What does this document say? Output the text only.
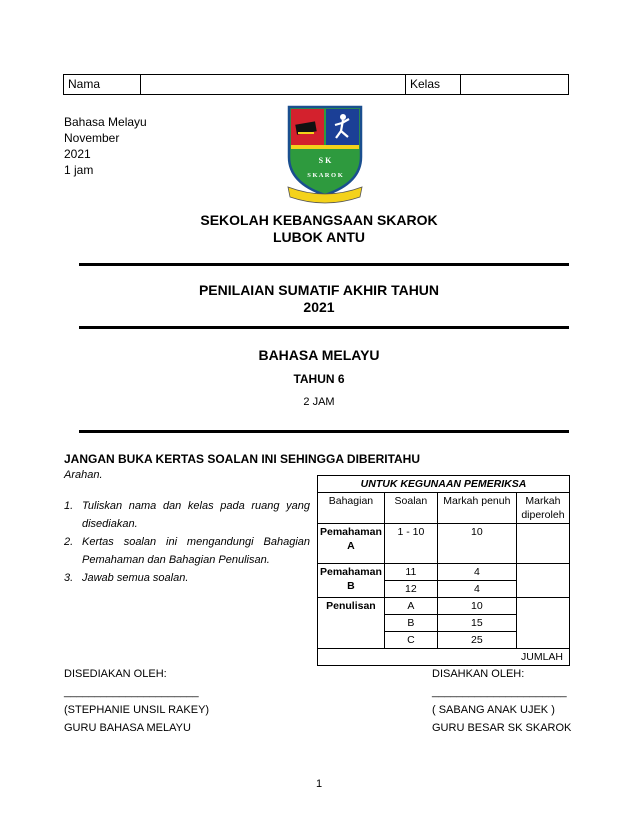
Nama	Kelas
Bahasa Melayu
November
2021
1 jam
S K
S K A R O K
SEKOLAH KEBANGSAAN SKAROK
LUBOK ANTU
PENILAIAN SUMATIF AKHIR TAHUN
2021
BAHASA MELAYU
TAHUN 6
2 JAM
JANGAN BUKA KERTAS SOALAN INI SEHINGGA DIBERITAHU
Arahan.
1. Tuliskan nama dan kelas pada ruang yang disediakan.
2. Kertas soalan ini mengandungi Bahagian Pemahaman dan Bahagian Penulisan.
3. Jawab semua soalan.
UNTUK KEGUNAAN PEMERIKSA			
Bahagian	Soalan	Markah penuh	Markah diperoleh
Pemahaman A	1 - 10	10	
Pemahaman B	11	4	
	12	4	
Penulisan	A	10	
	B	15	
	C	25	
JUMLAH			
DISEDIAKAN OLEH:
______________________
(STEPHANIE UNSIL RAKEY)
GURU BAHASA MELAYU
DISAHKAN OLEH:
______________________
( SABANG ANAK UJEK )
GURU BESAR SK SKAROK
1
